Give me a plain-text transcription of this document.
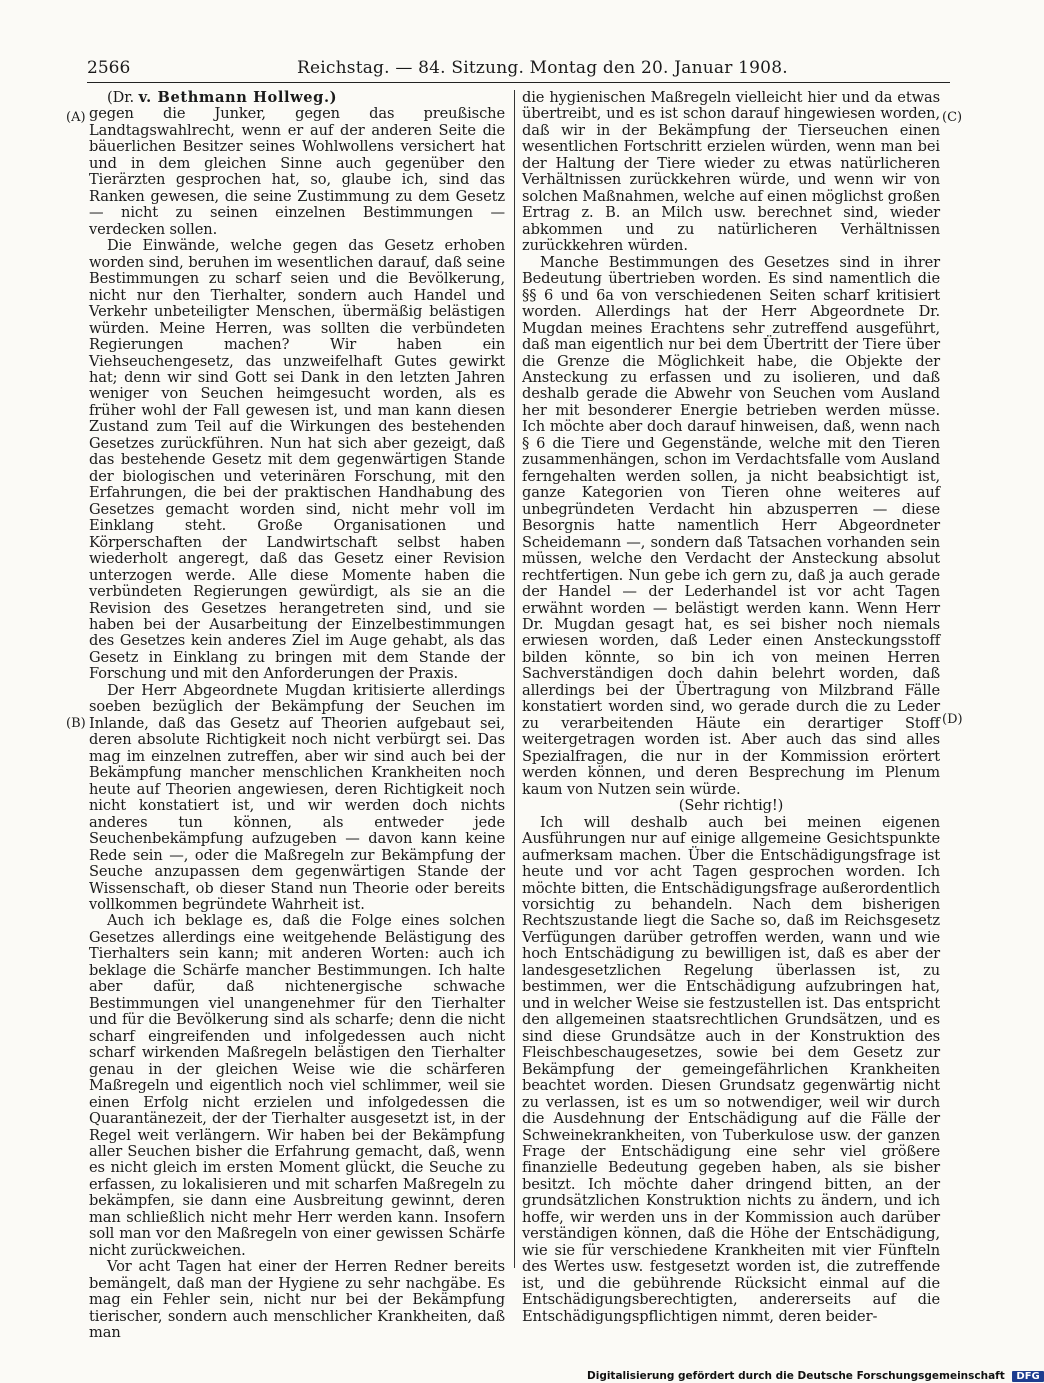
2566	Reichstag. — 84. Sitzung. Montag den 20. Januar 1908.
(A)
(B)
(C)
(D)

(Dr. v. Bethmann Hollweg.)

gegen die Junker, gegen das preußische Landtagswahlrecht, wenn er auf der anderen Seite die bäuerlichen Besitzer seines Wohlwollens versichert hat und in dem gleichen Sinne auch gegenüber den Tierärzten gesprochen hat, so, glaube ich, sind das Ranken gewesen, die seine Zustimmung zu dem Gesetz — nicht zu seinen einzelnen Bestimmungen — verdecken sollen.

Die Einwände, welche gegen das Gesetz erhoben worden sind, beruhen im wesentlichen darauf, daß seine Bestimmungen zu scharf seien und die Bevölkerung, nicht nur den Tierhalter, sondern auch Handel und Verkehr unbeteiligter Menschen, übermäßig belästigen würden. Meine Herren, was sollten die verbündeten Regierungen machen? Wir haben ein Viehseuchengesetz, das unzweifelhaft Gutes gewirkt hat; denn wir sind Gott sei Dank in den letzten Jahren weniger von Seuchen heimgesucht worden, als es früher wohl der Fall gewesen ist, und man kann diesen Zustand zum Teil auf die Wirkungen des bestehenden Gesetzes zurückführen. Nun hat sich aber gezeigt, daß das bestehende Gesetz mit dem gegenwärtigen Stande der biologischen und veterinären Forschung, mit den Erfahrungen, die bei der praktischen Handhabung des Gesetzes gemacht worden sind, nicht mehr voll im Einklang steht. Große Organisationen und Körperschaften der Landwirtschaft selbst haben wiederholt angeregt, daß das Gesetz einer Revision unterzogen werde. Alle diese Momente haben die verbündeten Regierungen gewürdigt, als sie an die Revision des Gesetzes herangetreten sind, und sie haben bei der Ausarbeitung der Einzelbestimmungen des Gesetzes kein anderes Ziel im Auge gehabt, als das Gesetz in Einklang zu bringen mit dem Stande der Forschung und mit den Anforderungen der Praxis.

Der Herr Abgeordnete Mugdan kritisierte allerdings soeben bezüglich der Bekämpfung der Seuchen im Inlande, daß das Gesetz auf Theorien aufgebaut sei, deren absolute Richtigkeit noch nicht verbürgt sei. Das mag im einzelnen zutreffen, aber wir sind auch bei der Bekämpfung mancher menschlichen Krankheiten noch heute auf Theorien angewiesen, deren Richtigkeit noch nicht konstatiert ist, und wir werden doch nichts anderes tun können, als entweder jede Seuchenbekämpfung aufzugeben — davon kann keine Rede sein —, oder die Maßregeln zur Bekämpfung der Seuche anzupassen dem gegenwärtigen Stande der Wissenschaft, ob dieser Stand nun Theorie oder bereits vollkommen begründete Wahrheit ist.

Auch ich beklage es, daß die Folge eines solchen Gesetzes allerdings eine weitgehende Belästigung des Tierhalters sein kann; mit anderen Worten: auch ich beklage die Schärfe mancher Bestimmungen. Ich halte aber dafür, daß nichtenergische schwache Bestimmungen viel unangenehmer für den Tierhalter und für die Bevölkerung sind als scharfe; denn die nicht scharf eingreifenden und infolgedessen auch nicht scharf wirkenden Maßregeln belästigen den Tierhalter genau in der gleichen Weise wie die schärferen Maßregeln und eigentlich noch viel schlimmer, weil sie einen Erfolg nicht erzielen und infolgedessen die Quarantänezeit, der der Tierhalter ausgesetzt ist, in der Regel weit verlängern. Wir haben bei der Bekämpfung aller Seuchen bisher die Erfahrung gemacht, daß, wenn es nicht gleich im ersten Moment glückt, die Seuche zu erfassen, zu lokalisieren und mit scharfen Maßregeln zu bekämpfen, sie dann eine Ausbreitung gewinnt, deren man schließlich nicht mehr Herr werden kann. Insofern soll man vor den Maßregeln von einer gewissen Schärfe nicht zurückweichen.

Vor acht Tagen hat einer der Herren Redner bereits bemängelt, daß man der Hygiene zu sehr nachgäbe. Es mag ein Fehler sein, nicht nur bei der Bekämpfung tierischer, sondern auch menschlicher Krankheiten, daß man

die hygienischen Maßregeln vielleicht hier und da etwas übertreibt, und es ist schon darauf hingewiesen worden, daß wir in der Bekämpfung der Tierseuchen einen wesentlichen Fortschritt erzielen würden, wenn man bei der Haltung der Tiere wieder zu etwas natürlicheren Verhältnissen zurückkehren würde, und wenn wir von solchen Maßnahmen, welche auf einen möglichst großen Ertrag z. B. an Milch usw. berechnet sind, wieder abkommen und zu natürlicheren Verhältnissen zurückkehren würden.

Manche Bestimmungen des Gesetzes sind in ihrer Bedeutung übertrieben worden. Es sind namentlich die §§ 6 und 6a von verschiedenen Seiten scharf kritisiert worden. Allerdings hat der Herr Abgeordnete Dr. Mugdan meines Erachtens sehr zutreffend ausgeführt, daß man eigentlich nur bei dem Übertritt der Tiere über die Grenze die Möglichkeit habe, die Objekte der Ansteckung zu erfassen und zu isolieren, und daß deshalb gerade die Abwehr von Seuchen vom Ausland her mit besonderer Energie betrieben werden müsse. Ich möchte aber doch darauf hinweisen, daß, wenn nach § 6 die Tiere und Gegenstände, welche mit den Tieren zusammenhängen, schon im Verdachtsfalle vom Ausland ferngehalten werden sollen, ja nicht beabsichtigt ist, ganze Kategorien von Tieren ohne weiteres auf unbegründeten Verdacht hin abzusperren — diese Besorgnis hatte namentlich Herr Abgeordneter Scheidemann —, sondern daß Tatsachen vorhanden sein müssen, welche den Verdacht der Ansteckung absolut rechtfertigen. Nun gebe ich gern zu, daß ja auch gerade der Handel — der Lederhandel ist vor acht Tagen erwähnt worden — belästigt werden kann. Wenn Herr Dr. Mugdan gesagt hat, es sei bisher noch niemals erwiesen worden, daß Leder einen Ansteckungsstoff bilden könnte, so bin ich von meinen Herren Sachverständigen doch dahin belehrt worden, daß allerdings bei der Übertragung von Milzbrand Fälle konstatiert worden sind, wo gerade durch die zu Leder zu verarbeitenden Häute ein derartiger Stoff weitergetragen worden ist. Aber auch das sind alles Spezialfragen, die nur in der Kommission erörtert werden können, und deren Besprechung im Plenum kaum von Nutzen sein würde.

(Sehr richtig!)

Ich will deshalb auch bei meinen eigenen Ausführungen nur auf einige allgemeine Gesichtspunkte aufmerksam machen. Über die Entschädigungsfrage ist heute und vor acht Tagen gesprochen worden. Ich möchte bitten, die Entschädigungsfrage außerordentlich vorsichtig zu behandeln. Nach dem bisherigen Rechtszustande liegt die Sache so, daß im Reichsgesetz Verfügungen darüber getroffen werden, wann und wie hoch Entschädigung zu bewilligen ist, daß es aber der landesgesetzlichen Regelung überlassen ist, zu bestimmen, wer die Entschädigung aufzubringen hat, und in welcher Weise sie festzustellen ist. Das entspricht den allgemeinen staatsrechtlichen Grundsätzen, und es sind diese Grundsätze auch in der Konstruktion des Fleischbeschaugesetzes, sowie bei dem Gesetz zur Bekämpfung der gemeingefährlichen Krankheiten beachtet worden. Diesen Grundsatz gegenwärtig nicht zu verlassen, ist es um so notwendiger, weil wir durch die Ausdehnung der Entschädigung auf die Fälle der Schweinekrankheiten, von Tuberkulose usw. der ganzen Frage der Entschädigung eine sehr viel größere finanzielle Bedeutung gegeben haben, als sie bisher besitzt. Ich möchte daher dringend bitten, an der grundsätzlichen Konstruktion nichts zu ändern, und ich hoffe, wir werden uns in der Kommission auch darüber verständigen können, daß die Höhe der Entschädigung, wie sie für verschiedene Krankheiten mit vier Fünfteln des Wertes usw. festgesetzt worden ist, die zutreffende ist, und die gebührende Rücksicht einmal auf die Entschädigungsberechtigten, andererseits auf die Entschädigungspflichtigen nimmt, deren beider-

Digitalisierung gefördert durch die Deutsche Forschungsgemeinschaft DFG
